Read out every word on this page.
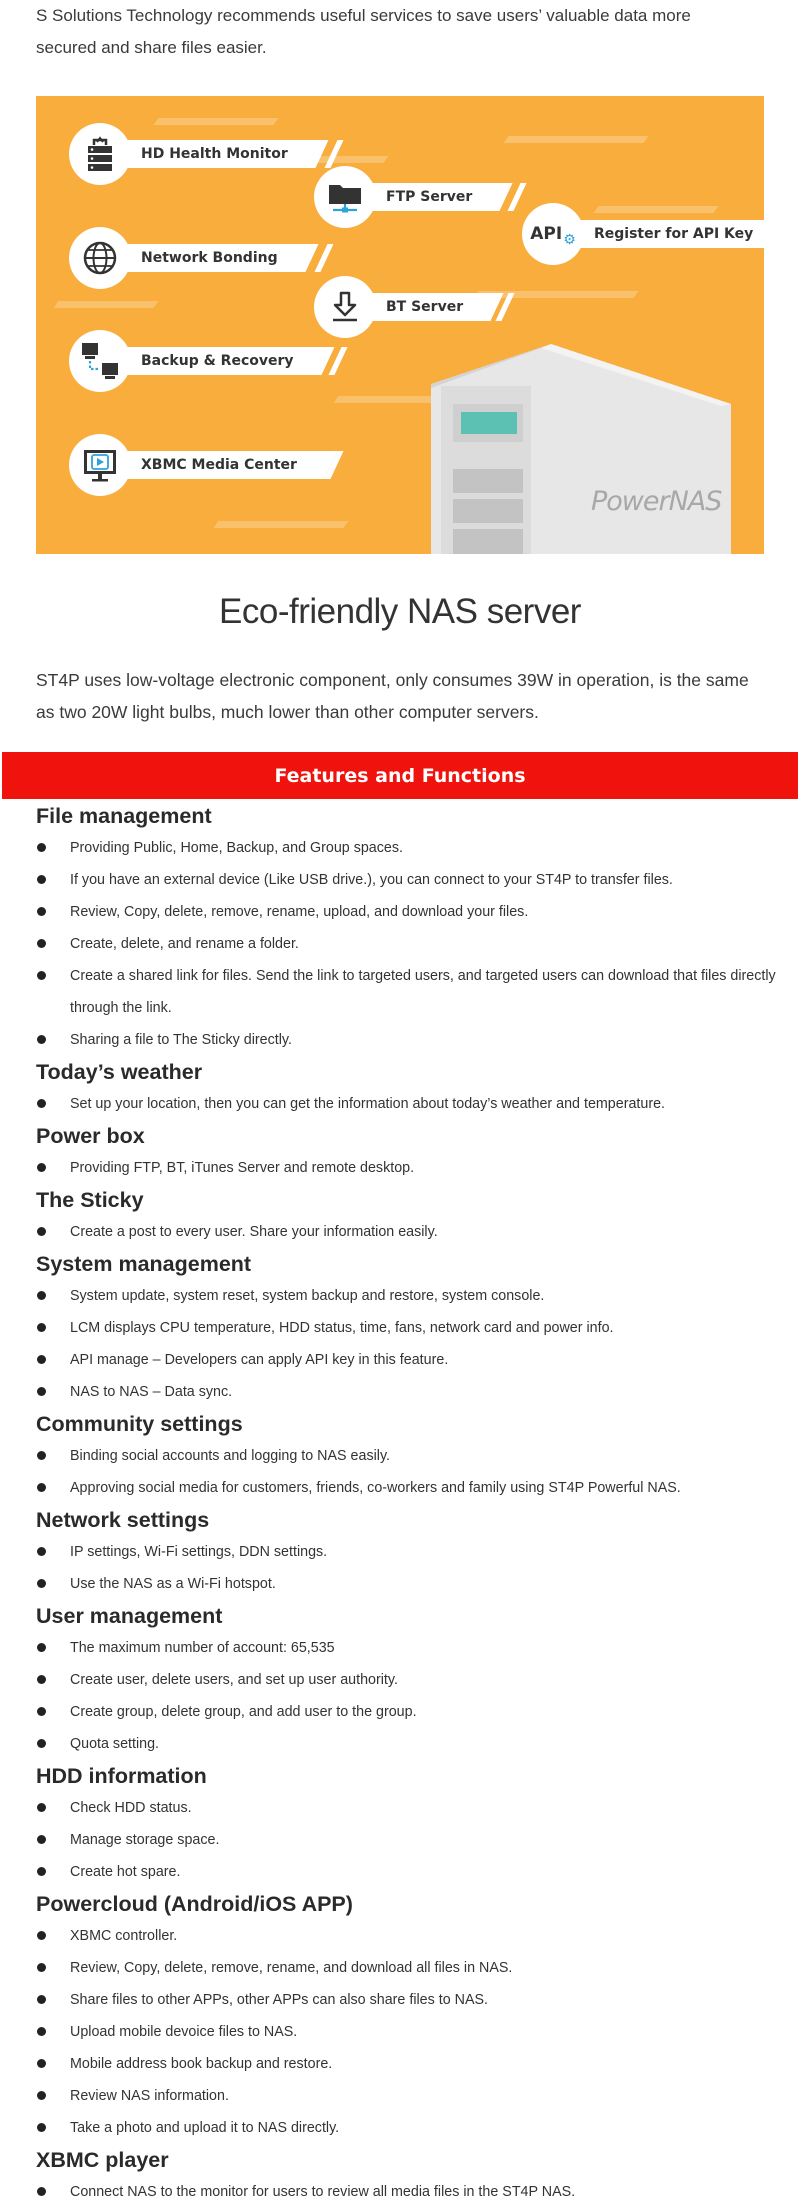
S Solutions Technology recommends useful services to save users’ valuable data more secured and share files easier.
HD Health Monitor
Network Bonding
Backup & Recovery
XBMC Media Center
FTP Server
BT Server
Register for API Key
API ⚙
PowerNAS
Eco-friendly NAS server
ST4P uses low-voltage electronic component, only consumes 39W in operation, is the same as two 20W light bulbs, much lower than other computer servers.
Features and Functions
File management
Providing Public, Home, Backup, and Group spaces.
If you have an external device (Like USB drive.), you can connect to your ST4P to transfer files.
Review, Copy, delete, remove, rename, upload, and download your files.
Create, delete, and rename a folder.
Create a shared link for files. Send the link to targeted users, and targeted users can download that files directly through the link.
Sharing a file to The Sticky directly.
Today’s weather
Set up your location, then you can get the information about today’s weather and temperature.
Power box
Providing FTP, BT, iTunes Server and remote desktop.
The Sticky
Create a post to every user. Share your information easily.
System management
System update, system reset, system backup and restore, system console.
LCM displays CPU temperature, HDD status, time, fans, network card and power info.
API manage – Developers can apply API key in this feature.
NAS to NAS – Data sync.
Community settings
Binding social accounts and logging to NAS easily.
Approving social media for customers, friends, co-workers and family using ST4P Powerful NAS.
Network settings
IP settings, Wi-Fi settings, DDN settings.
Use the NAS as a Wi-Fi hotspot.
User management
The maximum number of account: 65,535
Create user, delete users, and set up user authority.
Create group, delete group, and add user to the group.
Quota setting.
HDD information
Check HDD status.
Manage storage space.
Create hot spare.
Powercloud (Android/iOS APP)
XBMC controller.
Review, Copy, delete, remove, rename, and download all files in NAS.
Share files to other APPs, other APPs can also share files to NAS.
Upload mobile devoice files to NAS.
Mobile address book backup and restore.
Review NAS information.
Take a photo and upload it to NAS directly.
XBMC player
Connect NAS to the monitor for users to review all media files in the ST4P NAS.
